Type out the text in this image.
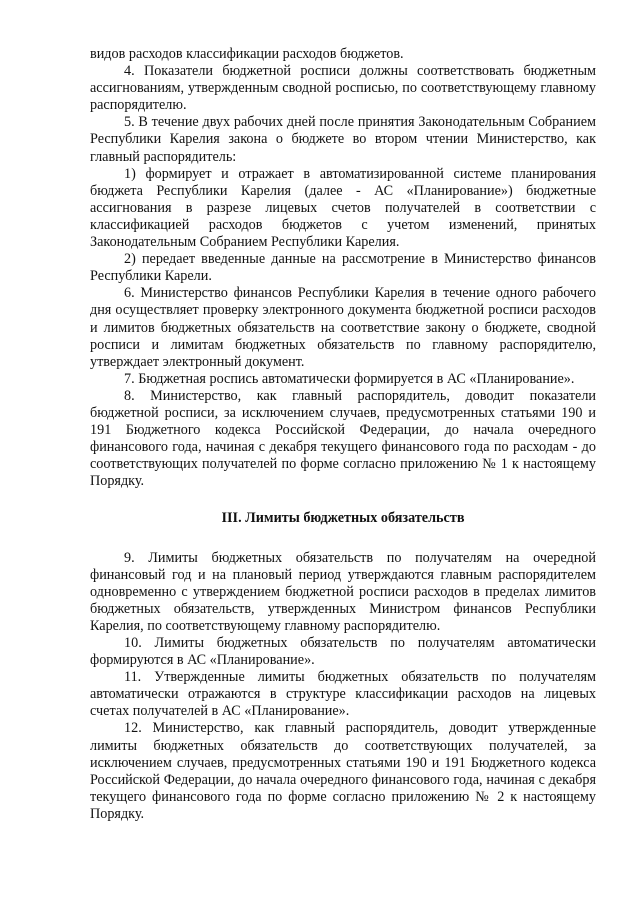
видов расходов классификации расходов бюджетов.

4. Показатели бюджетной росписи должны соответствовать бюджетным ассигнованиям, утвержденным сводной росписью, по соответствующему главному распорядителю.

5. В течение двух рабочих дней после принятия Законодательным Собранием Республики Карелия закона о бюджете во втором чтении Министерство, как главный распорядитель:

1) формирует и отражает в автоматизированной системе планирования бюджета Республики Карелия (далее - АС «Планирование») бюджетные ассигнования в разрезе лицевых счетов получателей в соответствии с классификацией расходов бюджетов с учетом изменений, принятых Законодательным Собранием Республики Карелия.

2) передает введенные данные на рассмотрение в Министерство финансов Республики Карели.

6. Министерство финансов Республики Карелия в течение одного рабочего дня осуществляет проверку электронного документа бюджетной росписи расходов и лимитов бюджетных обязательств на соответствие закону о бюджете, сводной росписи и лимитам бюджетных обязательств по главному распорядителю, утверждает электронный документ.

7. Бюджетная роспись автоматически формируется в АС «Планирование».

8. Министерство, как главный распорядитель, доводит показатели бюджетной росписи, за исключением случаев, предусмотренных статьями 190 и 191 Бюджетного кодекса Российской Федерации, до начала очередного финансового года, начиная с декабря текущего финансового года по расходам - до соответствующих получателей по форме согласно приложению № 1 к настоящему Порядку.

III. Лимиты бюджетных обязательств

9. Лимиты бюджетных обязательств по получателям на очередной финансовый год и на плановый период утверждаются главным распорядителем одновременно с утверждением бюджетной росписи расходов в пределах лимитов бюджетных обязательств, утвержденных Министром финансов Республики Карелия, по соответствующему главному распорядителю.

10. Лимиты бюджетных обязательств по получателям автоматически формируются в АС «Планирование».

11. Утвержденные лимиты бюджетных обязательств по получателям автоматически отражаются в структуре классификации расходов на лицевых счетах получателей в АС «Планирование».

12. Министерство, как главный распорядитель, доводит утвержденные лимиты бюджетных обязательств до соответствующих получателей, за исключением случаев, предусмотренных статьями 190 и 191 Бюджетного кодекса Российской Федерации, до начала очередного финансового года, начиная с декабря текущего финансового года по форме согласно приложению № 2 к настоящему Порядку.
